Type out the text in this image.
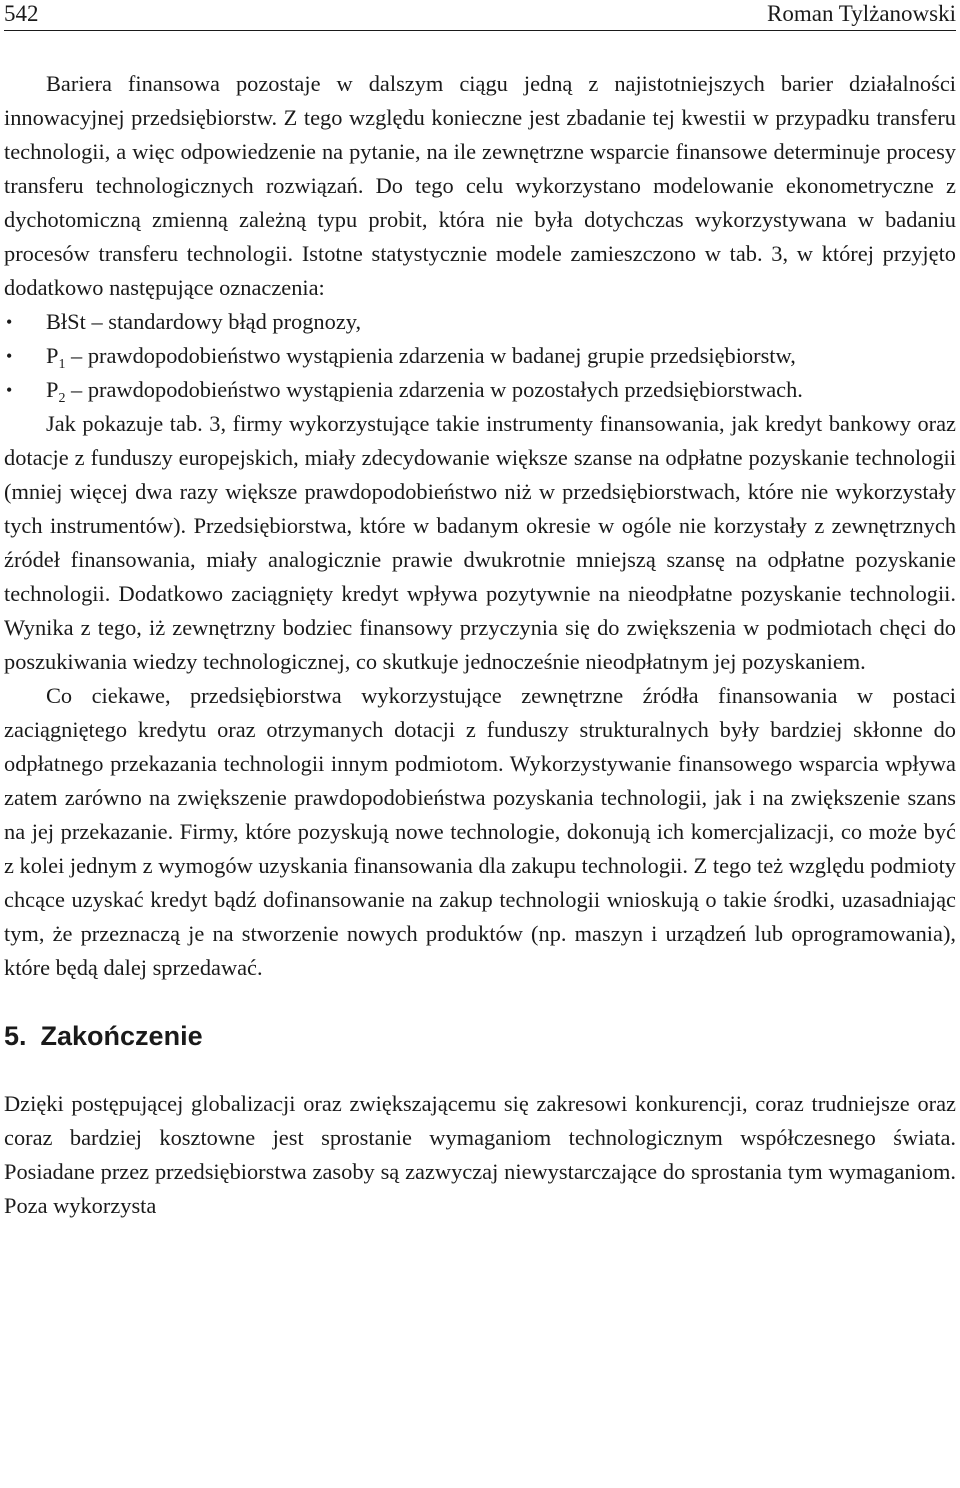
542	Roman Tylżanowski

Bariera finansowa pozostaje w dalszym ciągu jedną z najistotniejszych barier działalności innowacyjnej przedsiębiorstw. Z tego względu konieczne jest zbadanie tej kwestii w przypadku transferu technologii, a więc odpowiedzenie na pytanie, na ile zewnętrzne wsparcie finansowe determinuje procesy transferu technologicznych rozwiązań. Do tego celu wykorzystano modelowanie ekonometryczne z dychotomiczną zmienną zależną typu probit, która nie była dotychczas wykorzystywana w badaniu procesów transferu technologii. Istotne statystycznie modele zamieszczono w tab. 3, w której przyjęto dodatkowo następujące oznaczenia:

• BłSt – standardowy błąd prognozy,
• $P_1$ – prawdopodobieństwo wystąpienia zdarzenia w badanej grupie przedsiębiorstw,
• $P_2$ – prawdopodobieństwo wystąpienia zdarzenia w pozostałych przedsiębiorstwach.

Jak pokazuje tab. 3, firmy wykorzystujące takie instrumenty finansowania, jak kredyt bankowy oraz dotacje z funduszy europejskich, miały zdecydowanie większe szanse na odpłatne pozyskanie technologii (mniej więcej dwa razy większe prawdopodobieństwo niż w przedsiębiorstwach, które nie wykorzystały tych instrumentów). Przedsiębiorstwa, które w badanym okresie w ogóle nie korzystały z zewnętrznych źródeł finansowania, miały analogicznie prawie dwukrotnie mniejszą szansę na odpłatne pozyskanie technologii. Dodatkowo zaciągnięty kredyt wpływa pozytywnie na nieodpłatne pozyskanie technologii. Wynika z tego, iż zewnętrzny bodziec finansowy przyczynia się do zwiększenia w podmiotach chęci do poszukiwania wiedzy technologicznej, co skutkuje jednocześnie nieodpłatnym jej pozyskaniem.

Co ciekawe, przedsiębiorstwa wykorzystujące zewnętrzne źródła finansowania w postaci zaciągniętego kredytu oraz otrzymanych dotacji z funduszy strukturalnych były bardziej skłonne do odpłatnego przekazania technologii innym podmiotom. Wykorzystywanie finansowego wsparcia wpływa zatem zarówno na zwiększenie prawdopodobieństwa pozyskania technologii, jak i na zwiększenie szans na jej przekazanie. Firmy, które pozyskują nowe technologie, dokonują ich komercjalizacji, co może być z kolei jednym z wymogów uzyskania finansowania dla zakupu technologii. Z tego też względu podmioty chcące uzyskać kredyt bądź dofinansowanie na zakup technologii wnioskują o takie środki, uzasadniając tym, że przeznaczą je na stworzenie nowych produktów (np. maszyn i urządzeń lub oprogramowania), które będą dalej sprzedawać.

5. Zakończenie

Dzięki postępującej globalizacji oraz zwiększającemu się zakresowi konkurencji, coraz trudniejsze oraz coraz bardziej kosztowne jest sprostanie wymaganiom technologicznym współczesnego świata. Posiadane przez przedsiębiorstwa zasoby są zazwyczaj niewystarczające do sprostania tym wymaganiom. Poza wykorzysta
